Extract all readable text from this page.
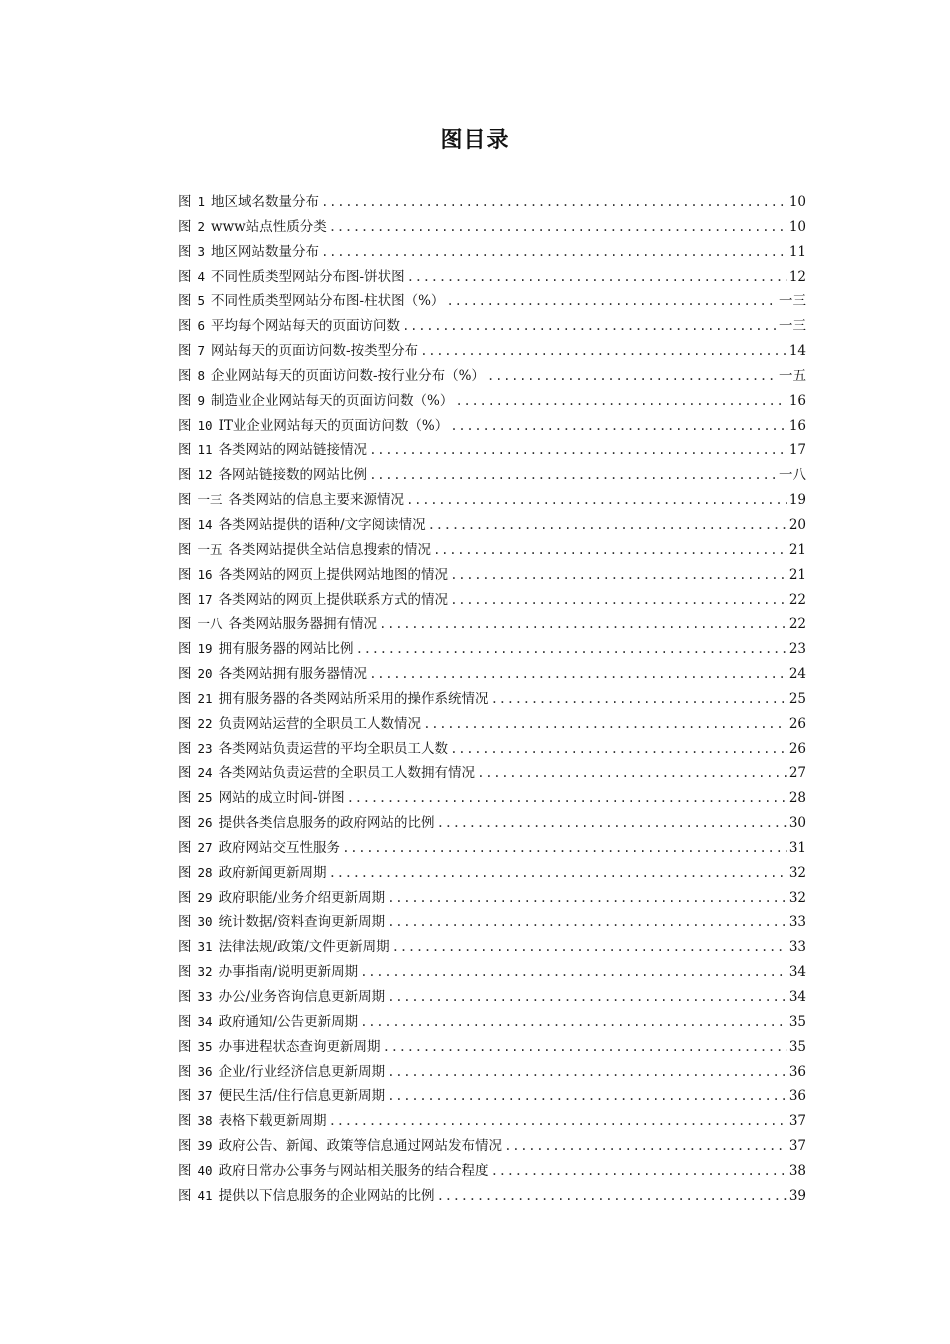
图目录
图 1 地区域名数量分布 .....	10
图 2 www站点性质分类 .....	10
图 3 地区网站数量分布 .....	11
图 4 不同性质类型网站分布图-饼状图 .....	12
图 5 不同性质类型网站分布图-柱状图（%） .....	一三
图 6 平均每个网站每天的页面访问数 .....	一三
图 7 网站每天的页面访问数-按类型分布 .....	14
图 8 企业网站每天的页面访问数-按行业分布（%） .....	一五
图 9 制造业企业网站每天的页面访问数（%） .....	16
图 10 IT业企业网站每天的页面访问数（%） .....	16
图 11 各类网站的网站链接情况 .....	17
图 12 各网站链接数的网站比例 .....	一八
图 一三 各类网站的信息主要来源情况 .....	19
图 14 各类网站提供的语种/文字阅读情况 .....	20
图 一五 各类网站提供全站信息搜索的情况 .....	21
图 16 各类网站的网页上提供网站地图的情况 .....	21
图 17 各类网站的网页上提供联系方式的情况 .....	22
图 一八 各类网站服务器拥有情况 .....	22
图 19 拥有服务器的网站比例 .....	23
图 20 各类网站拥有服务器情况 .....	24
图 21 拥有服务器的各类网站所采用的操作系统情况 .....	25
图 22 负责网站运营的全职员工人数情况 .....	26
图 23 各类网站负责运营的平均全职员工人数 .....	26
图 24 各类网站负责运营的全职员工人数拥有情况 .....	27
图 25 网站的成立时间-饼图 .....	28
图 26 提供各类信息服务的政府网站的比例 .....	30
图 27 政府网站交互性服务 .....	31
图 28 政府新闻更新周期 .....	32
图 29 政府职能/业务介绍更新周期 .....	32
图 30 统计数据/资料查询更新周期 .....	33
图 31 法律法规/政策/文件更新周期 .....	33
图 32 办事指南/说明更新周期 .....	34
图 33 办公/业务咨询信息更新周期 .....	34
图 34 政府通知/公告更新周期 .....	35
图 35 办事进程状态查询更新周期 .....	35
图 36 企业/行业经济信息更新周期 .....	36
图 37 便民生活/住行信息更新周期 .....	36
图 38 表格下载更新周期 .....	37
图 39 政府公告、新闻、政策等信息通过网站发布情况 .....	37
图 40 政府日常办公事务与网站相关服务的结合程度 .....	38
图 41 提供以下信息服务的企业网站的比例 .....	39
